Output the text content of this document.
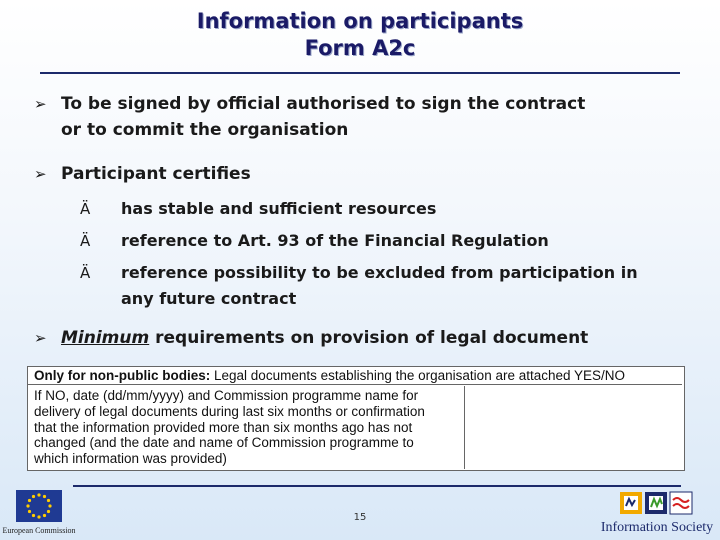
Information on participants
Form A2c
➢ To be signed by official authorised to sign the contract
or to commit the organisation
➢ Participant certifies
Ä	has stable and sufficient resources
Ä	reference to Art. 93 of the Financial Regulation
Ä	reference possibility to be excluded from participation in
any future contract
➢ Minimum requirements on provision of legal document
Only for non-public bodies: Legal documents establishing the organisation are attached YES/NO
If NO, date (dd/mm/yyyy) and Commission programme name for
delivery of legal documents during last six months or confirmation
that the information provided more than six months ago has not
changed (and the date and name of Commission programme to
which information was provided)
European Commission
15
Information Society
